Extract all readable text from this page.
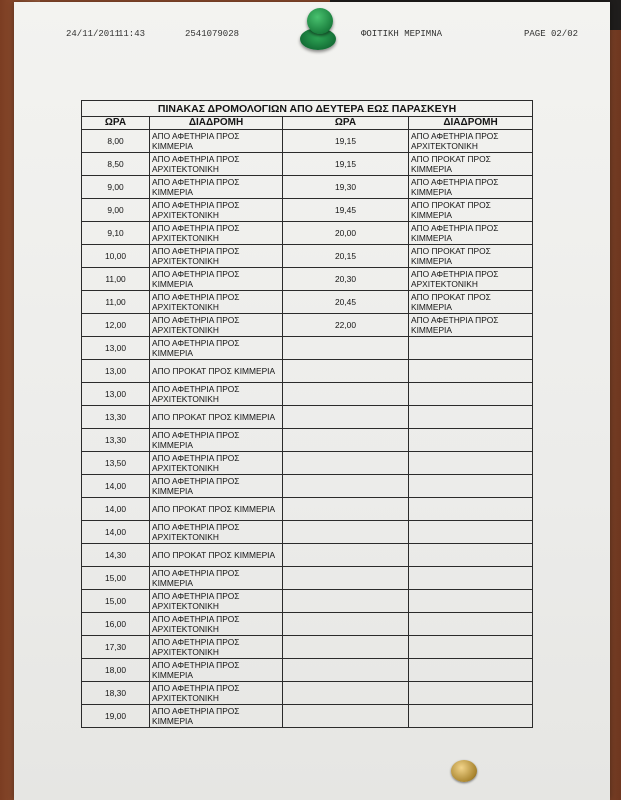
24/11/2011
11:43	2541079028	ΦΟΙΤΙΚΗ ΜΕΡΙΜΝΑ	PAGE 02/02
ΠΙΝΑΚΑΣ ΔΡΟΜΟΛΟΓΙΩΝ ΑΠΟ ΔΕΥΤΕΡΑ ΕΩΣ ΠΑΡΑΣΚΕΥΗ			
ΩΡΑ	ΔΙΑΔΡΟΜΗ	ΩΡΑ	ΔΙΑΔΡΟΜΗ
8,00	ΑΠΟ ΑΦΕΤΗΡΙΑ ΠΡΟΣ ΚΙΜΜΕΡΙΑ	19,15	ΑΠΟ ΑΦΕΤΗΡΙΑ ΠΡΟΣ ΑΡΧΙΤΕΚΤΟΝΙΚΗ
8,50	ΑΠΟ ΑΦΕΤΗΡΙΑ ΠΡΟΣ ΑΡΧΙΤΕΚΤΟΝΙΚΗ	19,15	ΑΠΟ ΠΡΟΚΑΤ ΠΡΟΣ ΚΙΜΜΕΡΙΑ
9,00	ΑΠΟ ΑΦΕΤΗΡΙΑ ΠΡΟΣ ΚΙΜΜΕΡΙΑ	19,30	ΑΠΟ ΑΦΕΤΗΡΙΑ ΠΡΟΣ ΚΙΜΜΕΡΙΑ
9,00	ΑΠΟ ΑΦΕΤΗΡΙΑ ΠΡΟΣ ΑΡΧΙΤΕΚΤΟΝΙΚΗ	19,45	ΑΠΟ ΠΡΟΚΑΤ ΠΡΟΣ ΚΙΜΜΕΡΙΑ
9,10	ΑΠΟ ΑΦΕΤΗΡΙΑ ΠΡΟΣ ΑΡΧΙΤΕΚΤΟΝΙΚΗ	20,00	ΑΠΟ ΑΦΕΤΗΡΙΑ ΠΡΟΣ ΚΙΜΜΕΡΙΑ
10,00	ΑΠΟ ΑΦΕΤΗΡΙΑ ΠΡΟΣ ΑΡΧΙΤΕΚΤΟΝΙΚΗ	20,15	ΑΠΟ ΠΡΟΚΑΤ ΠΡΟΣ ΚΙΜΜΕΡΙΑ
11,00	ΑΠΟ ΑΦΕΤΗΡΙΑ ΠΡΟΣ ΚΙΜΜΕΡΙΑ	20,30	ΑΠΟ ΑΦΕΤΗΡΙΑ ΠΡΟΣ ΑΡΧΙΤΕΚΤΟΝΙΚΗ
11,00	ΑΠΟ ΑΦΕΤΗΡΙΑ ΠΡΟΣ ΑΡΧΙΤΕΚΤΟΝΙΚΗ	20,45	ΑΠΟ ΠΡΟΚΑΤ ΠΡΟΣ ΚΙΜΜΕΡΙΑ
12,00	ΑΠΟ ΑΦΕΤΗΡΙΑ ΠΡΟΣ ΑΡΧΙΤΕΚΤΟΝΙΚΗ	22,00	ΑΠΟ ΑΦΕΤΗΡΙΑ ΠΡΟΣ ΚΙΜΜΕΡΙΑ
13,00	ΑΠΟ ΑΦΕΤΗΡΙΑ ΠΡΟΣ ΚΙΜΜΕΡΙΑ		
13,00	ΑΠΟ ΠΡΟΚΑΤ ΠΡΟΣ ΚΙΜΜΕΡΙΑ		
13,00	ΑΠΟ ΑΦΕΤΗΡΙΑ ΠΡΟΣ ΑΡΧΙΤΕΚΤΟΝΙΚΗ		
13,30	ΑΠΟ ΠΡΟΚΑΤ ΠΡΟΣ ΚΙΜΜΕΡΙΑ		
13,30	ΑΠΟ ΑΦΕΤΗΡΙΑ ΠΡΟΣ ΚΙΜΜΕΡΙΑ		
13,50	ΑΠΟ ΑΦΕΤΗΡΙΑ ΠΡΟΣ ΑΡΧΙΤΕΚΤΟΝΙΚΗ		
14,00	ΑΠΟ ΑΦΕΤΗΡΙΑ ΠΡΟΣ ΚΙΜΜΕΡΙΑ		
14,00	ΑΠΟ ΠΡΟΚΑΤ ΠΡΟΣ ΚΙΜΜΕΡΙΑ		
14,00	ΑΠΟ ΑΦΕΤΗΡΙΑ ΠΡΟΣ ΑΡΧΙΤΕΚΤΟΝΙΚΗ		
14,30	ΑΠΟ ΠΡΟΚΑΤ ΠΡΟΣ ΚΙΜΜΕΡΙΑ		
15,00	ΑΠΟ ΑΦΕΤΗΡΙΑ ΠΡΟΣ ΚΙΜΜΕΡΙΑ		
15,00	ΑΠΟ ΑΦΕΤΗΡΙΑ ΠΡΟΣ ΑΡΧΙΤΕΚΤΟΝΙΚΗ		
16,00	ΑΠΟ ΑΦΕΤΗΡΙΑ ΠΡΟΣ ΑΡΧΙΤΕΚΤΟΝΙΚΗ		
17,30	ΑΠΟ ΑΦΕΤΗΡΙΑ ΠΡΟΣ ΑΡΧΙΤΕΚΤΟΝΙΚΗ		
18,00	ΑΠΟ ΑΦΕΤΗΡΙΑ ΠΡΟΣ ΚΙΜΜΕΡΙΑ		
18,30	ΑΠΟ ΑΦΕΤΗΡΙΑ ΠΡΟΣ ΑΡΧΙΤΕΚΤΟΝΙΚΗ		
19,00	ΑΠΟ ΑΦΕΤΗΡΙΑ ΠΡΟΣ ΚΙΜΜΕΡΙΑ		
